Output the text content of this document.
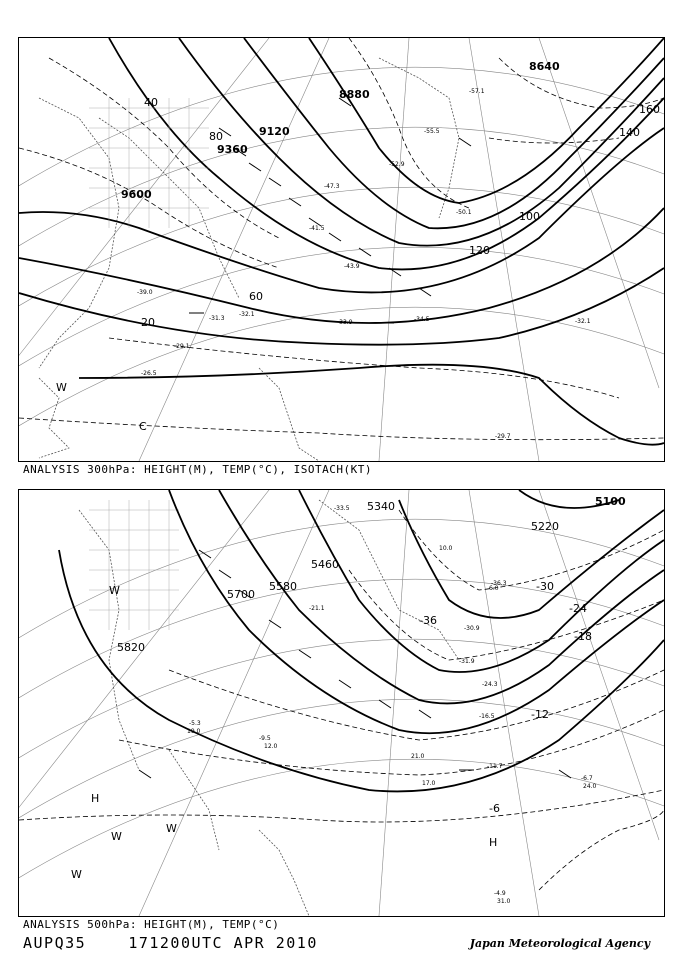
9600
9360
9120
8880
8640
20
40
60
80
100
120
140
160
-29.1
-31.3
-32.1
-33.9	-34.5
-39.0
-41.5
-43.9
-47.3
-50.1
-52.9
-55.5
-57.1
-26.5
-29.7
-32.1
W
C
ANALYSIS 300hPa: HEIGHT(M), TEMP(°C), ISOTACH(KT)
5100
5220
5340
5460
5580
5700
5820
-6
-12
-18
-24
-30
-36
-4.9
-6.7
-11.7
-16.5
-24.3
-31.9
-36.3
-5.3
-9.5
-21.1
-30.9
-33.5
31.0
24.0
17.0
21.0
6.0
12.0
19.0
10.0
H
H
W
W
W
W
ANALYSIS 500hPa: HEIGHT(M), TEMP(°C)
AUPQ35	171200UTC APR 2010	Japan Meteorological Agency
